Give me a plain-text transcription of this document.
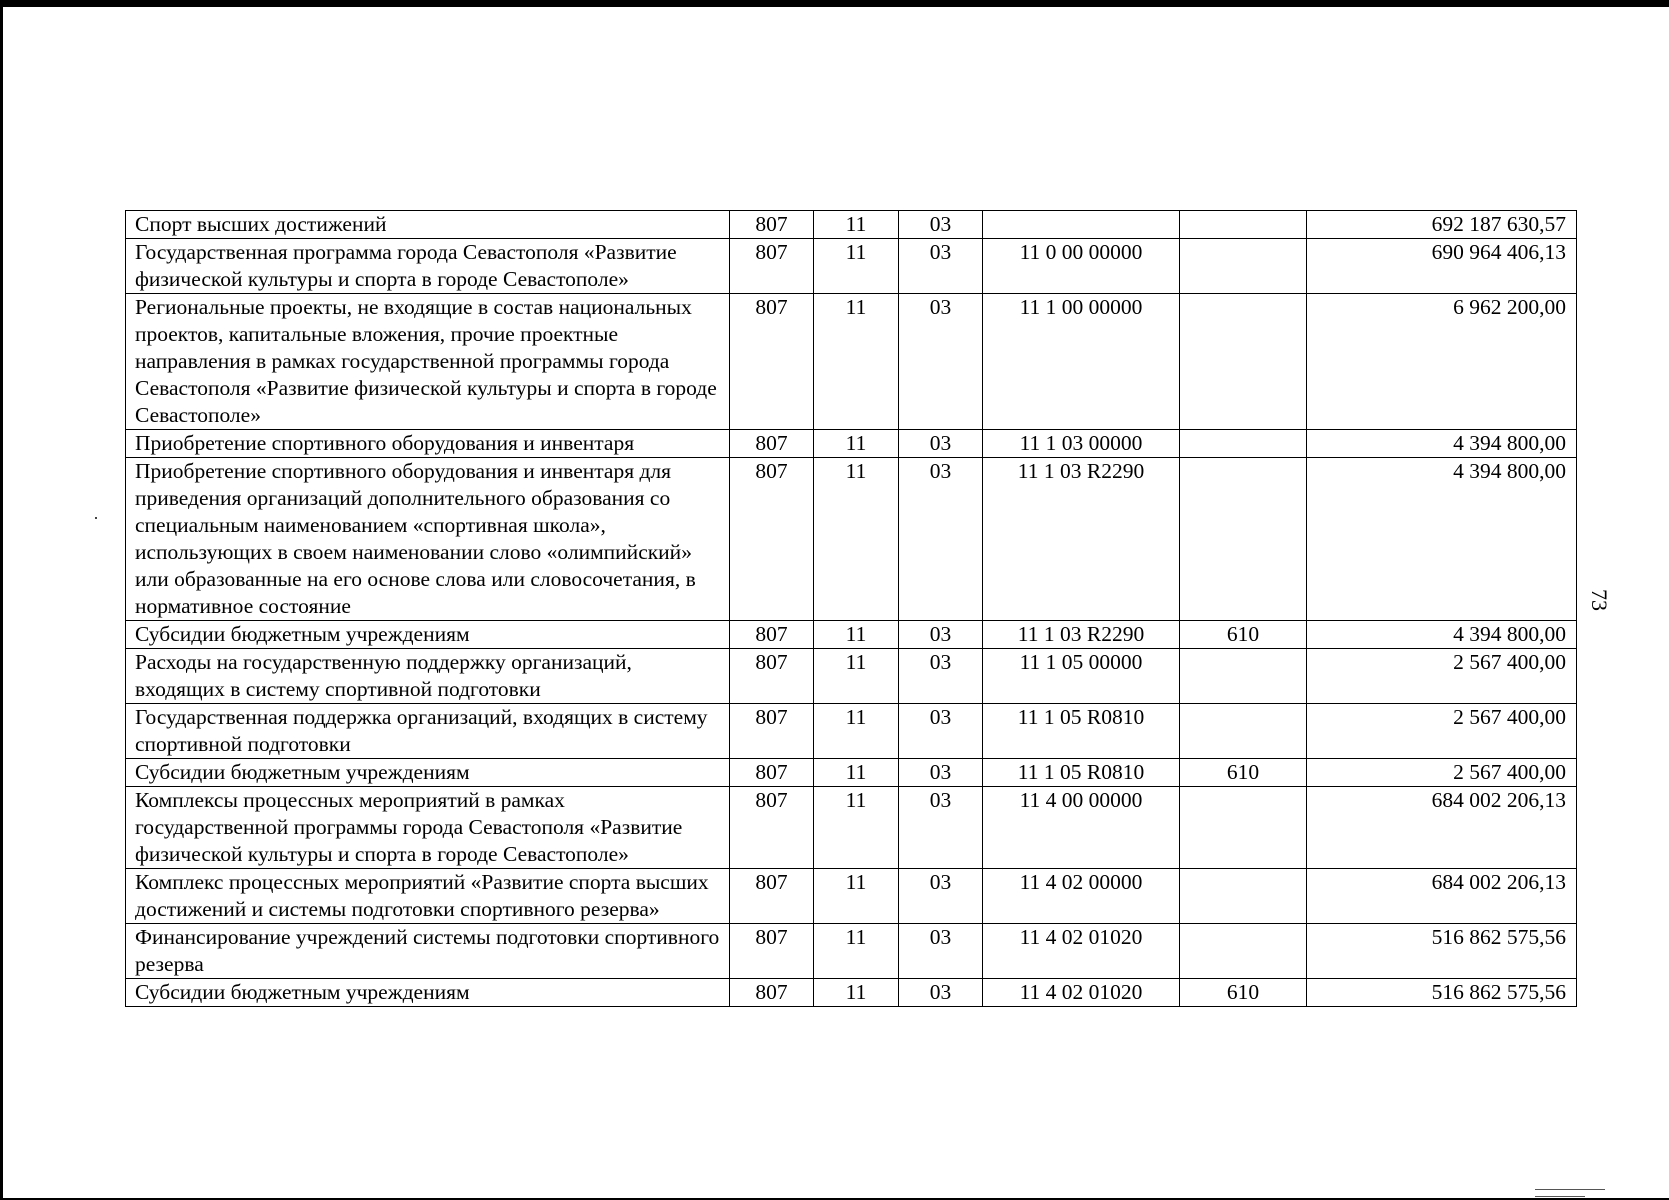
73
Спорт высших достижений	807	11	03			692 187 630,57
Государственная программа города Севастополя «Развитие физической культуры и спорта в городе Севастополе»	807	11	03	11 0 00 00000		690 964 406,13
Региональные проекты, не входящие в состав национальных проектов, капитальные вложения, прочие проектные направления в рамках государственной программы города Севастополя «Развитие физической культуры и спорта в городе Севастополе»	807	11	03	11 1 00 00000		6 962 200,00
Приобретение спортивного оборудования и инвентаря	807	11	03	11 1 03 00000		4 394 800,00
Приобретение спортивного оборудования и инвентаря для приведения организаций дополнительного образования со специальным наименованием «спортивная школа», использующих в своем наименовании слово «олимпийский» или образованные на его основе слова или словосочетания, в нормативное состояние	807	11	03	11 1 03 R2290		4 394 800,00
Субсидии бюджетным учреждениям	807	11	03	11 1 03 R2290	610	4 394 800,00
Расходы на государственную поддержку организаций, входящих в систему спортивной подготовки	807	11	03	11 1 05 00000		2 567 400,00
Государственная поддержка организаций, входящих в систему спортивной подготовки	807	11	03	11 1 05 R0810		2 567 400,00
Субсидии бюджетным учреждениям	807	11	03	11 1 05 R0810	610	2 567 400,00
Комплексы процессных мероприятий в рамках государственной программы города Севастополя «Развитие физической культуры и спорта в городе Севастополе»	807	11	03	11 4 00 00000		684 002 206,13
Комплекс процессных мероприятий «Развитие спорта высших достижений и системы подготовки спортивного резерва»	807	11	03	11 4 02 00000		684 002 206,13
Финансирование учреждений системы подготовки спортивного резерва	807	11	03	11 4 02 01020		516 862 575,56
Субсидии бюджетным учреждениям	807	11	03	11 4 02 01020	610	516 862 575,56
